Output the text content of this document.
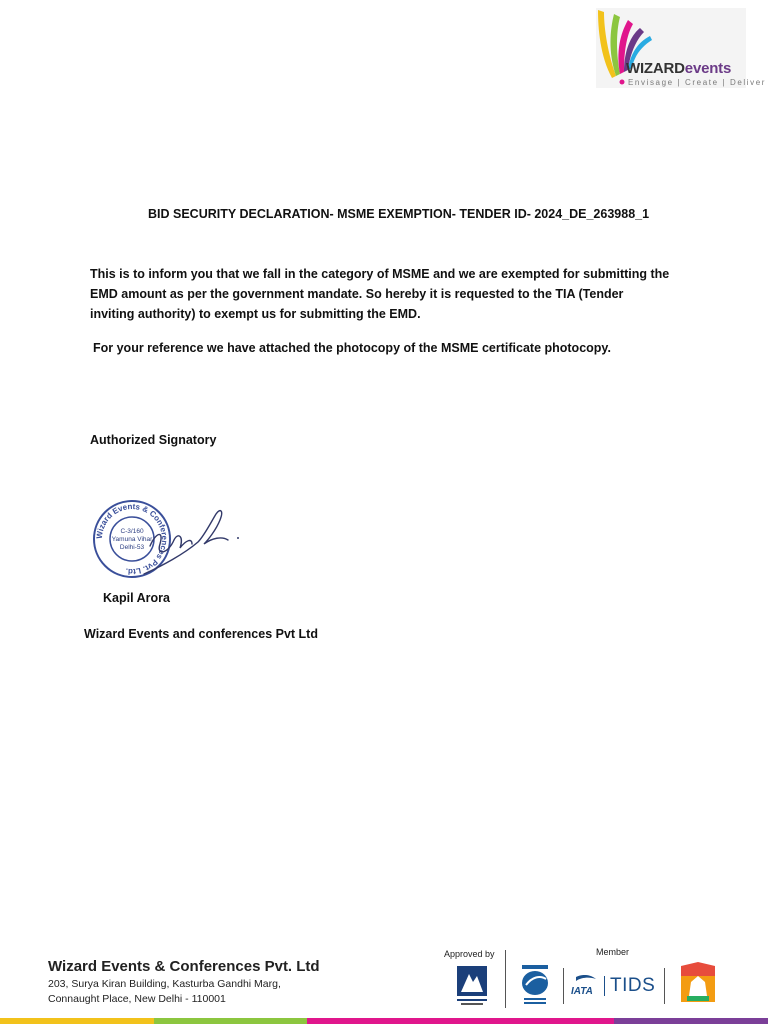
WIZARDevents
Envisage | Create | Deliver
BID SECURITY DECLARATION- MSME EXEMPTION- TENDER ID- 2024_DE_263988_1
This is to inform you that we fall in the category of MSME and we are exempted for submitting the EMD amount as per the government mandate. So hereby it is requested to the TIA (Tender inviting authority) to exempt us for submitting the EMD.
For your reference we have attached the photocopy of the MSME certificate photocopy.
Authorized Signatory
Wizard Events & Conferences Pvt. Ltd.
C-3/160
Yamuna Vihar
Delhi-53
Kapil Arora
Wizard Events and conferences Pvt Ltd
Wizard Events & Conferences Pvt. Ltd
203, Surya Kiran Building, Kasturba Gandhi Marg,
Connaught Place, New Delhi - 110001
Approved by	Member
IATA TIDS
